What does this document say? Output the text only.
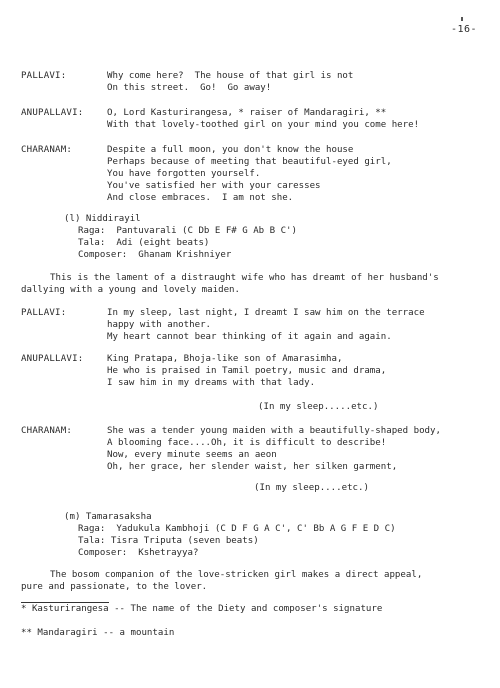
-16-
PALLAVI:	Why come here?  The house of that girl is not
On this street.  Go!  Go away!
ANUPALLAVI:	O, Lord Kasturirangesa, * raiser of Mandaragiri, **
With that lovely-toothed girl on your mind you come here!
CHARANAM:	Despite a full moon, you don't know the house
Perhaps because of meeting that beautiful-eyed girl,
You have forgotten yourself.
You've satisfied her with your caresses
And close embraces.  I am not she.
(l) Niddirayil
Raga:  Pantuvarali (C Db E F# G Ab B C')
Tala:  Adi (eight beats)
Composer:  Ghanam Krishniyer
This is the lament of a distraught wife who has dreamt of her husband's
dallying with a young and lovely maiden.
PALLAVI:	In my sleep, last night, I dreamt I saw him on the terrace
happy with another.
My heart cannot bear thinking of it again and again.
ANUPALLAVI:	King Pratapa, Bhoja-like son of Amarasimha,
He who is praised in Tamil poetry, music and drama,
I saw him in my dreams with that lady.
(In my sleep.....etc.)
CHARANAM:	She was a tender young maiden with a beautifully-shaped body,
A blooming face....Oh, it is difficult to describe!
Now, every minute seems an aeon
Oh, her grace, her slender waist, her silken garment,
(In my sleep....etc.)
(m) Tamarasaksha
Raga:  Yadukula Kambhoji (C D F G A C', C' Bb A G F E D C)
Tala: Tisra Triputa (seven beats)
Composer:  Kshetrayya?
The bosom companion of the love-stricken girl makes a direct appeal,
pure and passionate, to the lover.
* Kasturirangesa -- The name of the Diety and composer's signature
** Mandaragiri -- a mountain
